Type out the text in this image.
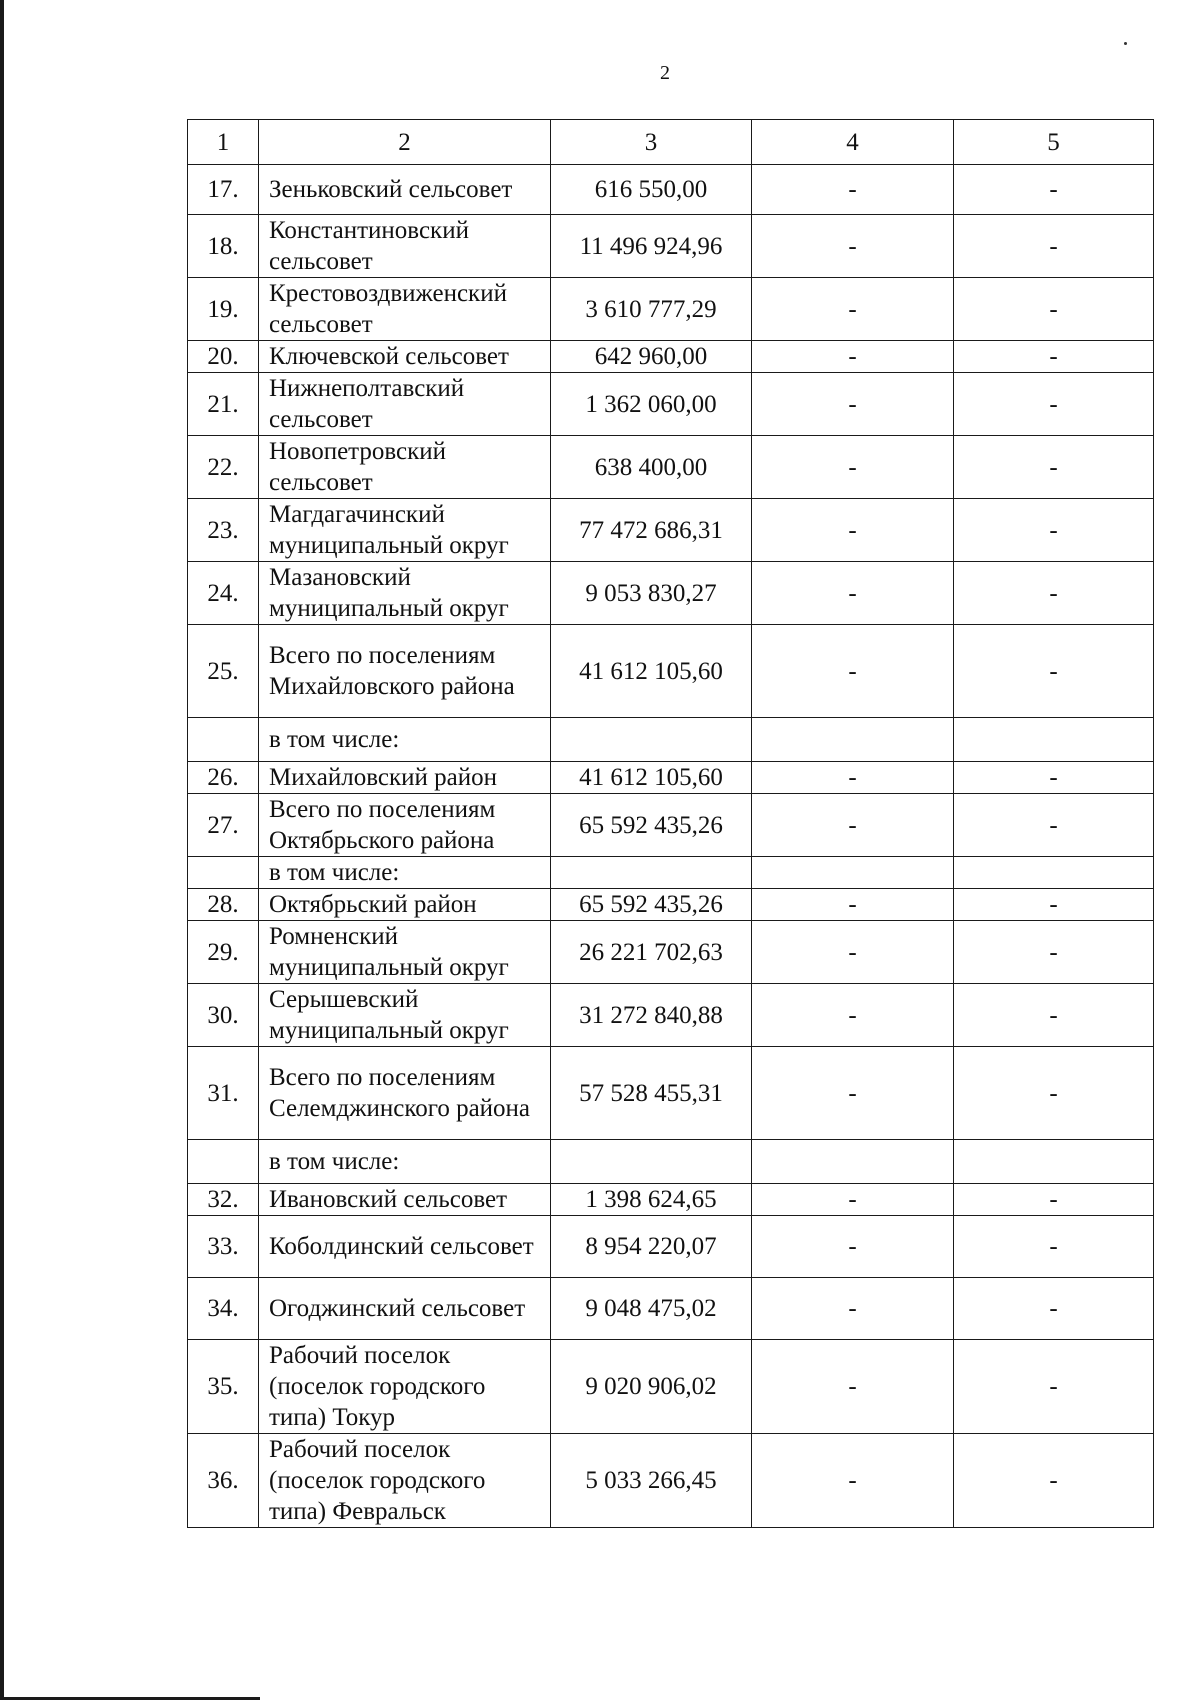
2
1	2	3	4	5
17.	Зеньковский сельсовет	616 550,00	-	-
18.	Константиновский сельсовет	11 496 924,96	-	-
19.	Крестовоздвиженский сельсовет	3 610 777,29	-	-
20.	Ключевской сельсовет	642 960,00	-	-
21.	Нижнеполтавский сельсовет	1 362 060,00	-	-
22.	Новопетровский сельсовет	638 400,00	-	-
23.	Магдагачинский муниципальный округ	77 472 686,31	-	-
24.	Мазановский муниципальный округ	9 053 830,27	-	-
25.	Всего по поселениям Михайловского района	41 612 105,60	-	-
	в том числе:			
26.	Михайловский район	41 612 105,60	-	-
27.	Всего по поселениям Октябрьского района	65 592 435,26	-	-
	в том числе:			
28.	Октябрьский район	65 592 435,26	-	-
29.	Ромненский муниципальный округ	26 221 702,63	-	-
30.	Серышевский муниципальный округ	31 272 840,88	-	-
31.	Всего по поселениям Селемджинского района	57 528 455,31	-	-
	в том числе:			
32.	Ивановский сельсовет	1 398 624,65	-	-
33.	Коболдинский сельсовет	8 954 220,07	-	-
34.	Огоджинский сельсовет	9 048 475,02	-	-
35.	Рабочий поселок (поселок городского типа) Токур	9 020 906,02	-	-
36.	Рабочий поселок (поселок городского типа) Февральск	5 033 266,45	-	-
